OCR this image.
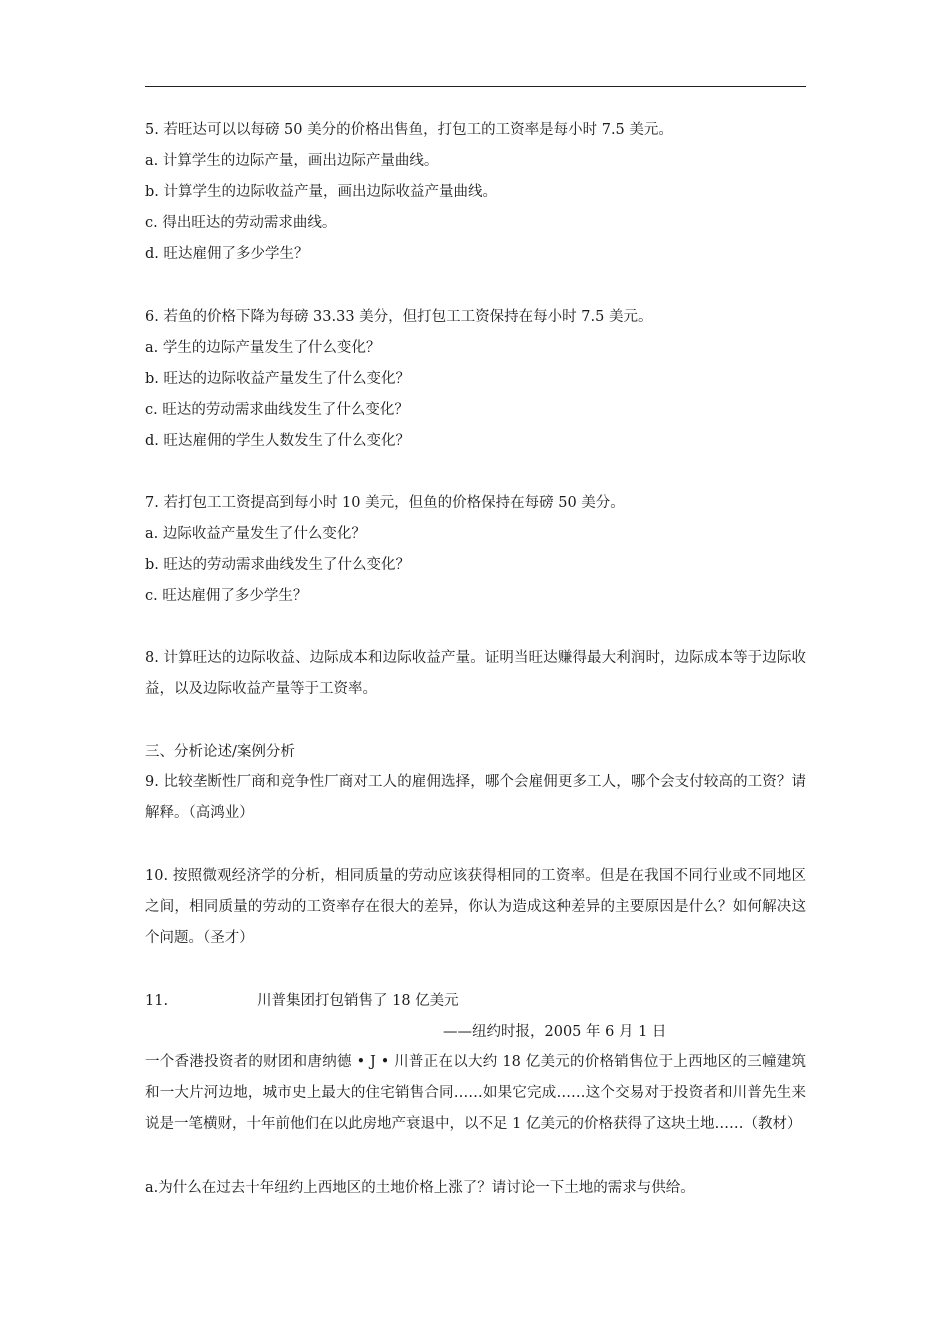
5. 若旺达可以以每磅 50 美分的价格出售鱼，打包工的工资率是每小时 7.5 美元。
a. 计算学生的边际产量，画出边际产量曲线。
b. 计算学生的边际收益产量，画出边际收益产量曲线。
c. 得出旺达的劳动需求曲线。
d. 旺达雇佣了多少学生？
6. 若鱼的价格下降为每磅 33.33 美分，但打包工工资保持在每小时 7.5 美元。
a. 学生的边际产量发生了什么变化？
b. 旺达的边际收益产量发生了什么变化？
c. 旺达的劳动需求曲线发生了什么变化？
d. 旺达雇佣的学生人数发生了什么变化？
7. 若打包工工资提高到每小时 10 美元，但鱼的价格保持在每磅 50 美分。
a. 边际收益产量发生了什么变化？
b. 旺达的劳动需求曲线发生了什么变化？
c. 旺达雇佣了多少学生？
8. 计算旺达的边际收益、边际成本和边际收益产量。证明当旺达赚得最大利润时，边际成本等于边际收益，以及边际收益产量等于工资率。
三、分析论述/案例分析
9. 比较垄断性厂商和竞争性厂商对工人的雇佣选择，哪个会雇佣更多工人，哪个会支付较高的工资？请解释。（高鸿业）
10. 按照微观经济学的分析，相同质量的劳动应该获得相同的工资率。但是在我国不同行业或不同地区之间，相同质量的劳动的工资率存在很大的差异，你认为造成这种差异的主要原因是什么？如何解决这个问题。（圣才）
11.	川普集团打包销售了 18 亿美元
——纽约时报，2005 年 6 月 1 日
一个香港投资者的财团和唐纳德 • J • 川普正在以大约 18 亿美元的价格销售位于上西地区的三幢建筑和一大片河边地，城市史上最大的住宅销售合同……如果它完成……这个交易对于投资者和川普先生来说是一笔横财，十年前他们在以此房地产衰退中，以不足 1 亿美元的价格获得了这块土地……（教材）
a.为什么在过去十年纽约上西地区的土地价格上涨了？请讨论一下土地的需求与供给。
